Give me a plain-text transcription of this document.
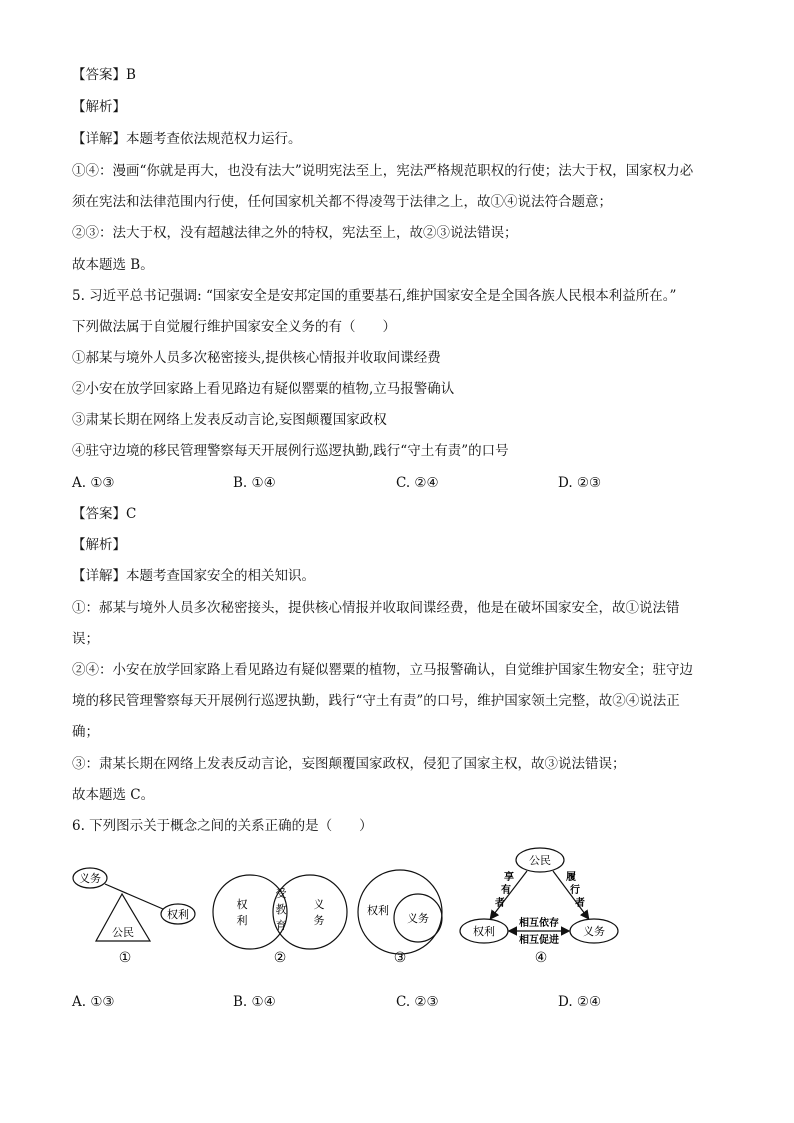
【答案】B
【解析】
【详解】本题考查依法规范权力运行。
①④：漫画“你就是再大，也没有法大”说明宪法至上，宪法严格规范职权的行使；法大于权，国家权力必
须在宪法和法律范围内行使，任何国家机关都不得凌驾于法律之上，故①④说法符合题意；
②③：法大于权，没有超越法律之外的特权，宪法至上，故②③说法错误；
故本题选 B。
5. 习近平总书记强调: “国家安全是安邦定国的重要基石,维护国家安全是全国各族人民根本利益所在。”
下列做法属于自觉履行维护国家安全义务的有（　　）
①郝某与境外人员多次秘密接头,提供核心情报并收取间谍经费
②小安在放学回家路上看见路边有疑似罂粟的植物,立马报警确认
③肃某长期在网络上发表反动言论,妄图颠覆国家政权
④驻守边境的移民管理警察每天开展例行巡逻执勤,践行“守土有责”的口号
A. ①③	B. ①④	C. ②④	D. ②③
【答案】C
【解析】
【详解】本题考查国家安全的相关知识。
①：郝某与境外人员多次秘密接头，提供核心情报并收取间谍经费，他是在破坏国家安全，故①说法错
误；
②④：小安在放学回家路上看见路边有疑似罂粟的植物，立马报警确认，自觉维护国家生物安全；驻守边
境的移民管理警察每天开展例行巡逻执勤，践行“守土有责”的口号，维护国家领土完整，故②④说法正
确；
③：肃某长期在网络上发表反动言论，妄图颠覆国家政权，侵犯了国家主权，故③说法错误；
故本题选 C。
6. 下列图示关于概念之间的关系正确的是（　　）
义务
权利
公民
①
权
利
受
教
育
义
务
②
权利
义务
③
公民
权利	义务
享
有
者
履
行
者
相互依存
相互促进
④
A. ①③	B. ①④	C. ②③	D. ②④
